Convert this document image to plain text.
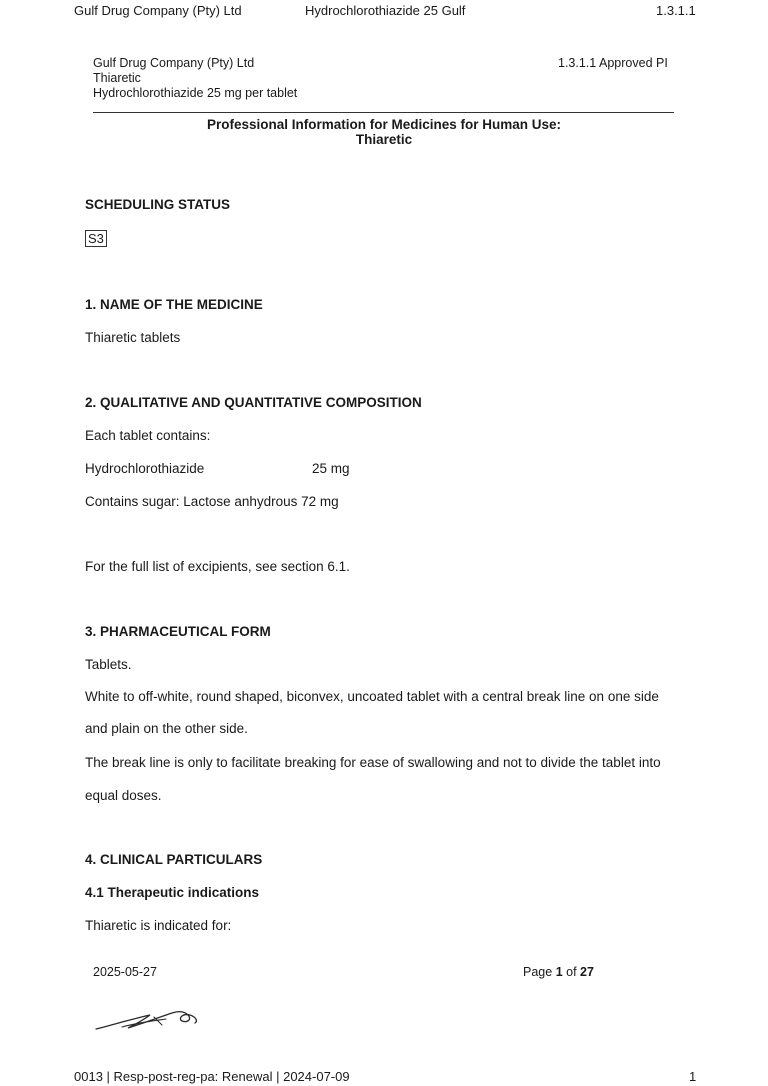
Gulf Drug Company (Pty) Ltd	Hydrochlorothiazide 25 Gulf	1.3.1.1
Gulf Drug Company (Pty) Ltd
Thiaretic
Hydrochlorothiazide 25 mg per tablet
1.3.1.1 Approved PI
Professional Information for Medicines for Human Use:
Thiaretic
SCHEDULING STATUS
S3
1. NAME OF THE MEDICINE
Thiaretic tablets
2. QUALITATIVE AND QUANTITATIVE COMPOSITION
Each tablet contains:
Hydrochlorothiazide	25 mg
Contains sugar: Lactose anhydrous 72 mg
For the full list of excipients, see section 6.1.
3. PHARMACEUTICAL FORM
Tablets.
White to off-white, round shaped, biconvex, uncoated tablet with a central break line on one side
and plain on the other side.
The break line is only to facilitate breaking for ease of swallowing and not to divide the tablet into
equal doses.
4. CLINICAL PARTICULARS
4.1 Therapeutic indications
Thiaretic is indicated for:
2025-05-27	Page 1 of 27
0013 | Resp-post-reg-pa: Renewal | 2024-07-09	1
